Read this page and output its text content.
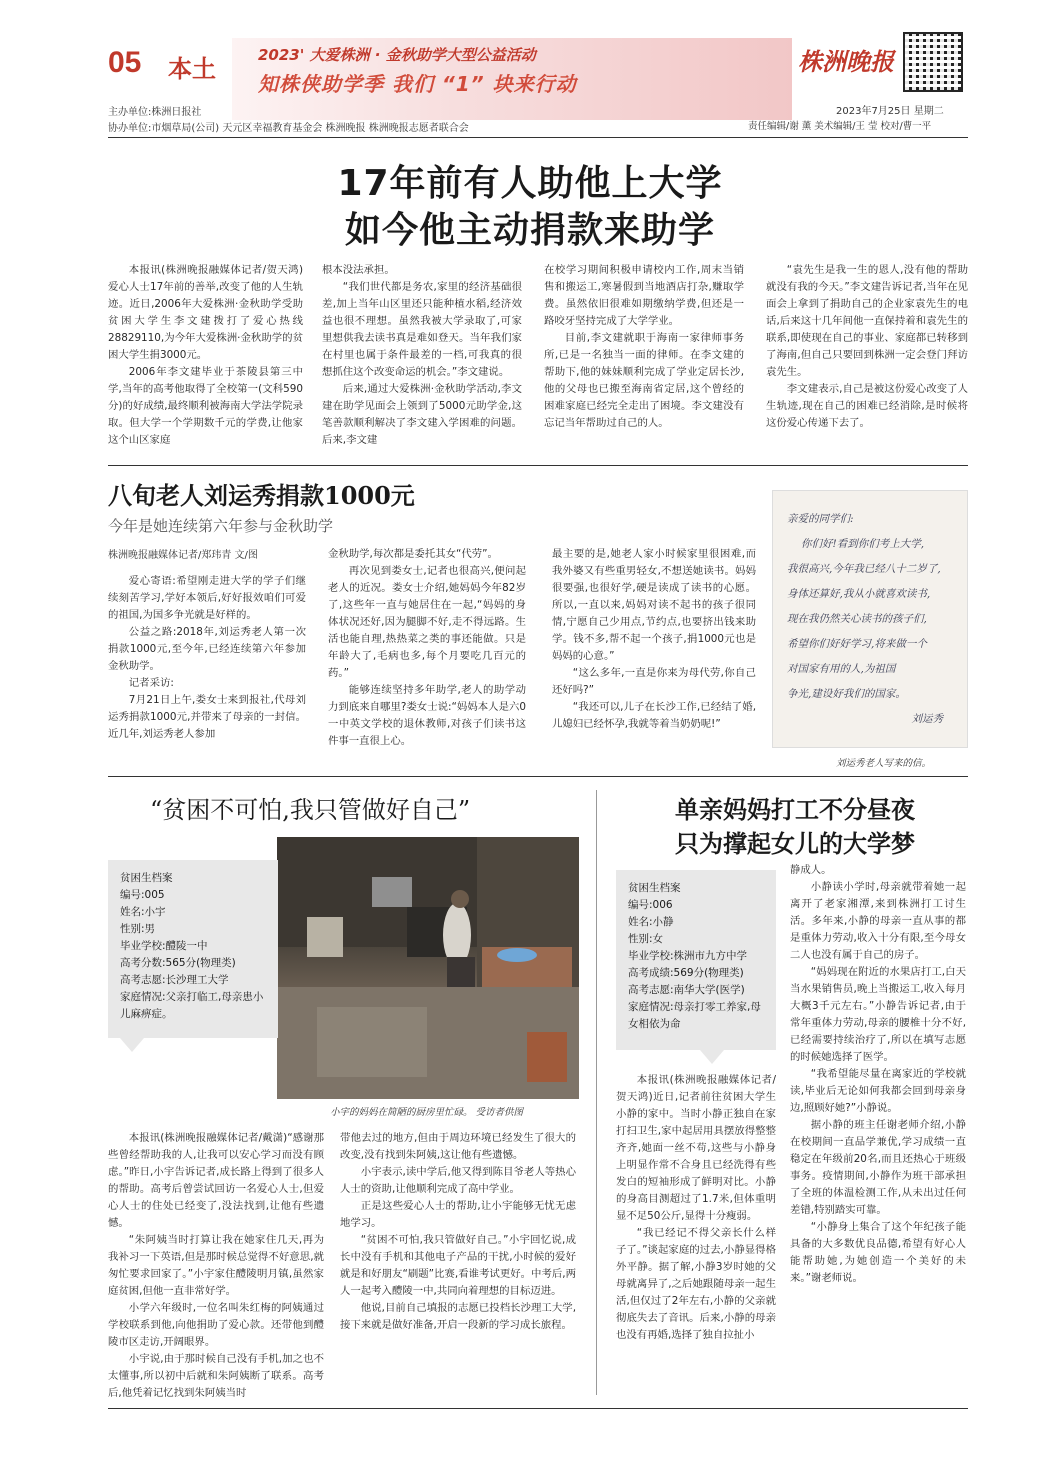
05 本土	2023' 大爱株洲 · 金秋助学大型公益活动
知株侠助学季 我们 “1” 块来行动
株洲晚报
主办单位:株洲日报社
协办单位:市烟草局(公司) 天元区幸福教育基金会 株洲晚报 株洲晚报志愿者联合会
2023年7月25日 星期二
责任编辑/谢 薰 美术编辑/王 莹 校对/曹一平
17年前有人助他上大学
如今他主动捐款来助学

本报讯(株洲晚报融媒体记者/贺天鸿)爱心人士17年前的善举,改变了他的人生轨迹。近日,2006年大爱株洲·金秋助学受助贫困大学生李文建拨打了爱心热线28829110,为今年大爱株洲·金秋助学的贫困大学生捐3000元。

2006年李文建毕业于茶陵县第三中学,当年的高考他取得了全校第一(文科590分)的好成绩,最终顺利被海南大学法学院录取。但大学一个学期数千元的学费,让他家这个山区家庭

根本没法承担。

“我们世代都是务农,家里的经济基础很差,加上当年山区里还只能种植水稻,经济效益也很不理想。虽然我被大学录取了,可家里想供我去读书真是难如登天。当年我们家在村里也属于条件最差的一档,可我真的很想抓住这个改变命运的机会。”李文建说。

后来,通过大爱株洲·金秋助学活动,李文建在助学见面会上领到了5000元助学金,这笔善款顺利解决了李文建入学困难的问题。后来,李文建

在校学习期间积极申请校内工作,周末当销售和搬运工,寒暑假到当地酒店打杂,赚取学费。虽然依旧很难如期缴纳学费,但还是一路咬牙坚持完成了大学学业。

目前,李文建就职于海南一家律师事务所,已是一名独当一面的律师。在李文建的帮助下,他的妹妹顺利完成了学业定居长沙,他的父母也已搬至海南省定居,这个曾经的困难家庭已经完全走出了困境。李文建没有忘记当年帮助过自己的人。

“袁先生是我一生的恩人,没有他的帮助就没有我的今天。”李文建告诉记者,当年在见面会上拿到了捐助自己的企业家袁先生的电话,后来这十几年间他一直保持着和袁先生的联系,即使现在自己的事业、家庭都已转移到了海南,但自己只要回到株洲一定会登门拜访袁先生。

李文建表示,自己是被这份爱心改变了人生轨迹,现在自己的困难已经消除,是时候将这份爱心传递下去了。

八旬老人刘运秀捐款1000元
今年是她连续第六年参与金秋助学
株洲晚报融媒体记者/郑玮青 文/图

爱心寄语:希望刚走进大学的学子们继续刻苦学习,学好本领后,好好报效咱们可爱的祖国,为国多争光就是好样的。

公益之路:2018年,刘运秀老人第一次捐款1000元,至今年,已经连续第六年参加金秋助学。

记者采访:

7月21日上午,娄女士来到报社,代母刘运秀捐款1000元,并带来了母亲的一封信。近几年,刘运秀老人参加

金秋助学,每次都是委托其女“代劳”。

再次见到娄女士,记者也很高兴,便问起老人的近况。娄女士介绍,她妈妈今年82岁了,这些年一直与她居住在一起,“妈妈的身体状况还好,因为腿脚不好,走不得远路。生活也能自理,热热菜之类的事还能做。只是年龄大了,毛病也多,每个月要吃几百元的药。”

能够连续坚持多年助学,老人的助学动力到底来自哪里?娄女士说:“妈妈本人是六0一中英文学校的退休教师,对孩子们读书这件事一直很上心。

最主要的是,她老人家小时候家里很困难,而我外婆又有些重男轻女,不想送她读书。妈妈很要强,也很好学,硬是读成了读书的心愿。所以,一直以来,妈妈对读不起书的孩子很同情,宁愿自己少用点,节约点,也要挤出钱来助学。钱不多,帮不起一个孩子,捐1000元也是妈妈的心意。”

“这么多年,一直是你来为母代劳,你自己还好吗?”

“我还可以,儿子在长沙工作,已经结了婚,儿媳妇已经怀孕,我就等着当奶奶呢!”

亲爱的同学们:
你们好!看到你们考上大学,
我很高兴,今年我已经八十二岁了,
身体还算好,我从小就喜欢读书,
现在我仍然关心读书的孩子们,
希望你们好好学习,将来做一个
对国家有用的人,为祖国
争光,建设好我们的国家。
刘运秀
刘运秀老人写来的信。
“贫困不可怕,我只管做好自己”
小宇的妈妈在简陋的厨房里忙碌。 受访者供图
贫困生档案
编号:005
姓名:小宇
性别:男
毕业学校:醴陵一中
高考分数:565分(物理类)
高考志愿:长沙理工大学
家庭情况:父亲打临工,母亲患小儿麻痹症。

本报讯(株洲晚报融媒体记者/戴潇)“感谢那些曾经帮助我的人,让我可以安心学习而没有顾虑。”昨日,小宇告诉记者,成长路上得到了很多人的帮助。高考后曾尝试回访一名爱心人士,但爱心人士的住处已经变了,没法找到,让他有些遗憾。

“朱阿姨当时打算让我在她家住几天,再为我补习一下英语,但是那时候总觉得不好意思,就匆忙要求回家了。”小宇家住醴陵明月镇,虽然家庭贫困,但他一直非常好学。

小学六年级时,一位名叫朱红梅的阿姨通过学校联系到他,向他捐助了爱心款。还带他到醴陵市区走访,开阔眼界。

小宇说,由于那时候自己没有手机,加之也不太懂事,所以初中后就和朱阿姨断了联系。高考后,他凭着记忆找到朱阿姨当时

带他去过的地方,但由于周边环境已经发生了很大的改变,没有找到朱阿姨,这让他有些遗憾。

小宇表示,读中学后,他又得到陈目爷老人等热心人士的资助,让他顺利完成了高中学业。

正是这些爱心人士的帮助,让小宇能够无忧无虑地学习。

“贫困不可怕,我只管做好自己。”小宇回忆说,成长中没有手机和其他电子产品的干扰,小时候的爱好就是和好朋友“刷题”比赛,看谁考试更好。中考后,两人一起考入醴陵一中,共同向着理想的目标迈进。

他说,目前自己填报的志愿已投档长沙理工大学,接下来就是做好准备,开启一段新的学习成长旅程。

单亲妈妈打工不分昼夜
只为撑起女儿的大学梦
贫困生档案
编号:006
姓名:小静
性别:女
毕业学校:株洲市九方中学
高考成绩:569分(物理类)
高考志愿:南华大学(医学)
家庭情况:母亲打零工养家,母女相依为命

本报讯(株洲晚报融媒体记者/贺天鸿)近日,记者前往贫困大学生小静的家中。当时小静正独自在家打扫卫生,家中起居用具摆放得整整齐齐,她面一丝不苟,这些与小静身上明显作常不合身且已经洗得有些发白的短袖形成了鲜明对比。小静的身高目测超过了1.7米,但体重明显不足50公斤,显得十分瘦弱。

“我已经记不得父亲长什么样子了。”谈起家庭的过去,小静显得格外平静。据了解,小静3岁时她的父母就离异了,之后她跟随母亲一起生活,但仅过了2年左右,小静的父亲就彻底失去了音讯。后来,小静的母亲也没有再婚,选择了独自拉扯小

静成人。

小静读小学时,母亲就带着她一起离开了老家湘潭,来到株洲打工讨生活。多年来,小静的母亲一直从事的都是重体力劳动,收入十分有限,至今母女二人也没有属于自己的房子。

“妈妈现在附近的水果店打工,白天当水果销售员,晚上当搬运工,收入每月大概3千元左右。”小静告诉记者,由于常年重体力劳动,母亲的腰椎十分不好,已经需要持续治疗了,所以在填写志愿的时候她选择了医学。

“我希望能尽量在离家近的学校就读,毕业后无论如何我都会回到母亲身边,照顾好她?”小静说。

据小静的班主任谢老师介绍,小静在校期间一直品学兼优,学习成绩一直稳定在年级前20名,而且还热心于班级事务。疫情期间,小静作为班干部承担了全班的体温检测工作,从未出过任何差错,特别踏实可靠。

“小静身上集合了这个年纪孩子能具备的大多数优良品德,希望有好心人能帮助她,为她创造一个美好的未来。”谢老师说。
